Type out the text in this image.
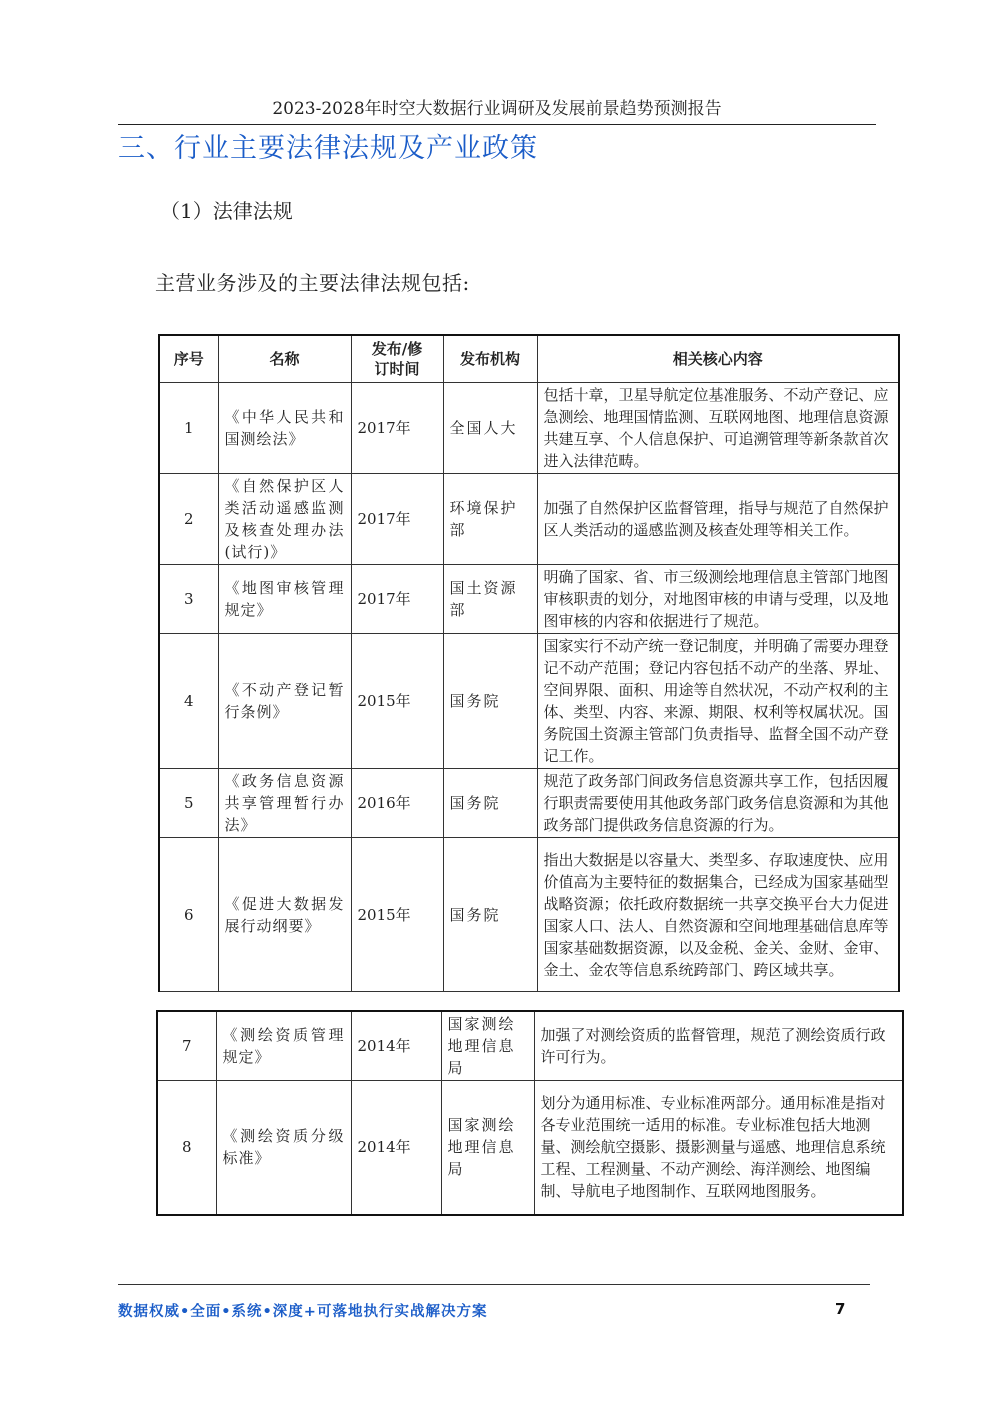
2023-2028年时空大数据行业调研及发展前景趋势预测报告
三、行业主要法律法规及产业政策
（1）法律法规
主营业务涉及的主要法律法规包括:
序号	名称	发布/修订时间	发布机构	相关核心内容
1	《中华人民共和国测绘法》	2017年	全国人大	包括十章，卫星导航定位基准服务、不动产登记、应急测绘、地理国情监测、互联网地图、地理信息资源共建互享、个人信息保护、可追溯管理等新条款首次进入法律范畴。
2	《自然保护区人类活动遥感监测及核查处理办法(试行)》	2017年	环境保护部	加强了自然保护区监督管理，指导与规范了自然保护区人类活动的遥感监测及核查处理等相关工作。
3	《地图审核管理规定》	2017年	国土资源部	明确了国家、省、市三级测绘地理信息主管部门地图审核职责的划分，对地图审核的申请与受理，以及地图审核的内容和依据进行了规范。
4	《不动产登记暂行条例》	2015年	国务院	国家实行不动产统一登记制度，并明确了需要办理登记不动产范围；登记内容包括不动产的坐落、界址、空间界限、面积、用途等自然状况，不动产权利的主体、类型、内容、来源、期限、权利等权属状况。国务院国土资源主管部门负责指导、监督全国不动产登记工作。
5	《政务信息资源共享管理暂行办法》	2016年	国务院	规范了政务部门间政务信息资源共享工作，包括因履行职责需要使用其他政务部门政务信息资源和为其他政务部门提供政务信息资源的行为。
6	《促进大数据发展行动纲要》	2015年	国务院	指出大数据是以容量大、类型多、存取速度快、应用价值高为主要特征的数据集合，已经成为国家基础型战略资源；依托政府数据统一共享交换平台大力促进国家人口、法人、自然资源和空间地理基础信息库等国家基础数据资源，以及金税、金关、金财、金审、金土、金农等信息系统跨部门、跨区域共享。
7	《测绘资质管理规定》	2014年	国家测绘地理信息局	加强了对测绘资质的监督管理，规范了测绘资质行政许可行为。
8	《测绘资质分级标准》	2014年	国家测绘地理信息局	划分为通用标准、专业标准两部分。通用标准是指对各专业范围统一适用的标准。专业标准包括大地测量、测绘航空摄影、摄影测量与遥感、地理信息系统工程、工程测量、不动产测绘、海洋测绘、地图编制、导航电子地图制作、互联网地图服务。
数据权威•全面•系统•深度+可落地执行实战解决方案	7
